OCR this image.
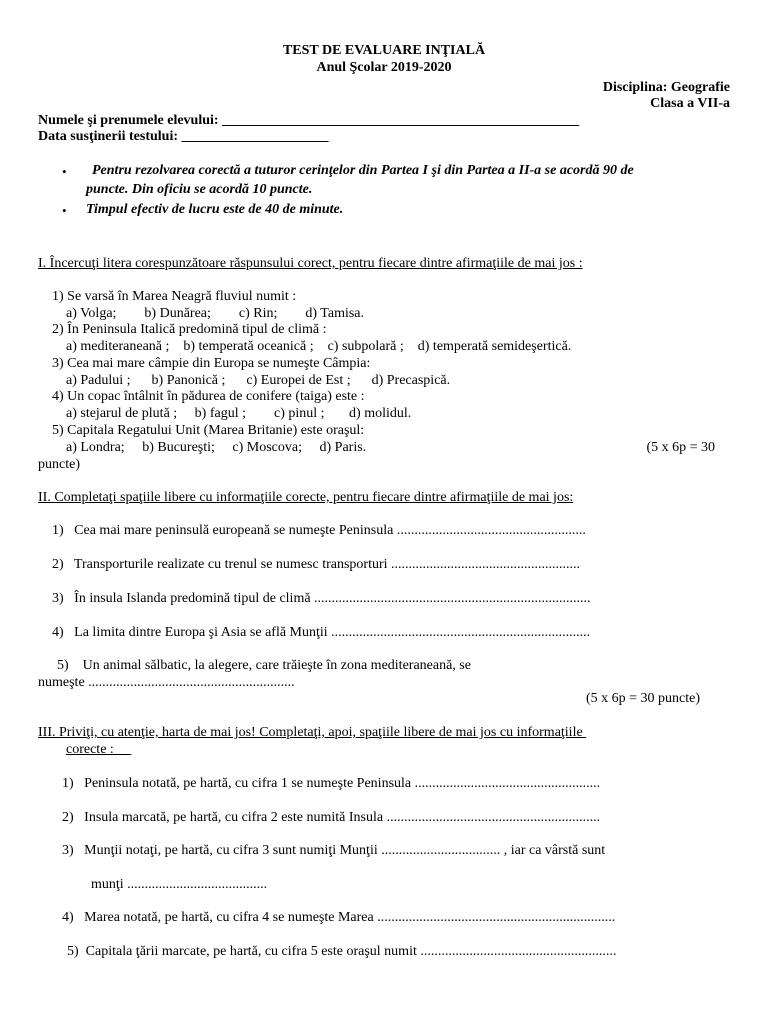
TEST DE EVALUARE INŢIALĂ
Anul Şcolar 2019-2020
Disciplina: Geografie
Clasa a VII-a
Numele şi prenumele elevului: ___________________________________________________
Data susţinerii testului: _____________________
• Pentru rezolvarea corectă a tuturor cerinţelor din Partea I şi din Partea a II-a se acordă 90 de
puncte. Din oficiu se acordă 10 puncte.
• Timpul efectiv de lucru este de 40 de minute.
I. Încercuţi litera corespunzătoare răspunsului corect, pentru fiecare dintre afirmaţiile de mai jos :
1) Se varsă în Marea Neagră fluviul numit :
a) Volga;        b) Dunărea;        c) Rin;        d) Tamisa.
2) În Peninsula Italică predomină tipul de climă :
a) mediteraneană ;    b) temperată oceanică ;    c) subpolară ;    d) temperată semideşertică.
3) Cea mai mare câmpie din Europa se numeşte Câmpia:
a) Padului ;      b) Panonică ;      c) Europei de Est ;      d) Precaspică.
4) Un copac întâlnit în pădurea de conifere (taiga) este :
a) stejarul de plută ;     b) fagul ;        c) pinul ;       d) molidul.
5) Capitala Regatului Unit (Marea Britanie) este oraşul:
a) Londra;     b) Bucureşti;     c) Moscova;     d) Paris.	(5 x 6p = 30
puncte)
II. Completaţi spaţiile libere cu informaţiile corecte, pentru fiecare dintre afirmaţiile de mai jos:
1)   Cea mai mare peninsulă europeană se numeşte Peninsula ......................................................
2)   Transporturile realizate cu trenul se numesc transporturi ......................................................
3)   În insula Islanda predomină tipul de climă ...............................................................................
4)   La limita dintre Europa şi Asia se află Munţii ..........................................................................
5)    Un animal sălbatic, la alegere, care trăieşte în zona mediteraneană, se
numeşte ...........................................................
(5 x 6p = 30 puncte)
III. Priviţi, cu atenţie, harta de mai jos! Completaţi, apoi, spaţiile libere de mai jos cu informaţiile
corecte :
1)   Peninsula notată, pe hartă, cu cifra 1 se numeşte Peninsula .....................................................
2)   Insula marcată, pe hartă, cu cifra 2 este numită Insula .............................................................
3)   Munţii notaţi, pe hartă, cu cifra 3 sunt numiţi Munţii .................................. , iar ca vârstă sunt
munţi ........................................
4)   Marea notată, pe hartă, cu cifra 4 se numeşte Marea ....................................................................
5)  Capitala ţării marcate, pe hartă, cu cifra 5 este oraşul numit ........................................................
